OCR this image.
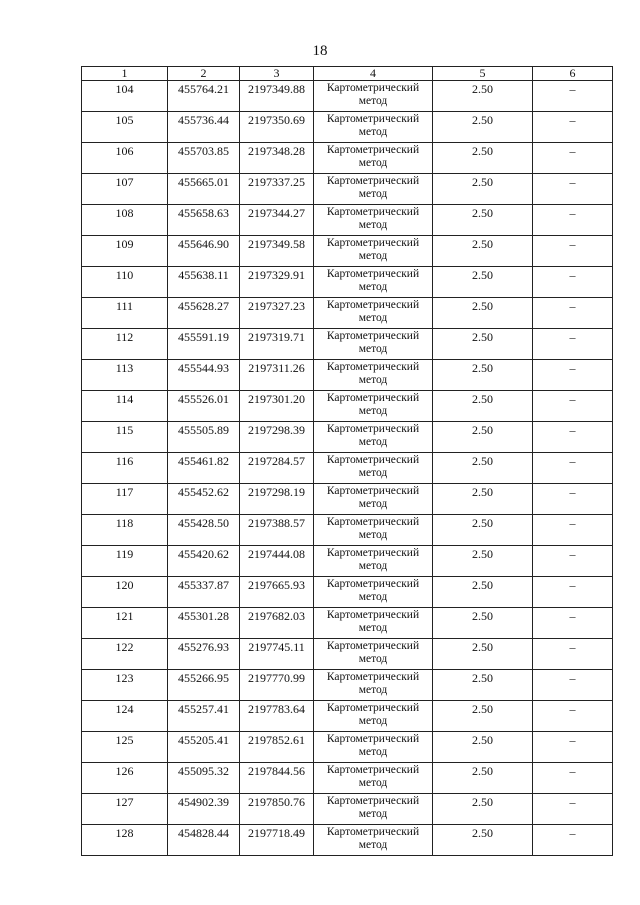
18
1	2	3	4	5	6
104	455764.21	2197349.88	Картометрический метод	2.50	–
105	455736.44	2197350.69	Картометрический метод	2.50	–
106	455703.85	2197348.28	Картометрический метод	2.50	–
107	455665.01	2197337.25	Картометрический метод	2.50	–
108	455658.63	2197344.27	Картометрический метод	2.50	–
109	455646.90	2197349.58	Картометрический метод	2.50	–
110	455638.11	2197329.91	Картометрический метод	2.50	–
111	455628.27	2197327.23	Картометрический метод	2.50	–
112	455591.19	2197319.71	Картометрический метод	2.50	–
113	455544.93	2197311.26	Картометрический метод	2.50	–
114	455526.01	2197301.20	Картометрический метод	2.50	–
115	455505.89	2197298.39	Картометрический метод	2.50	–
116	455461.82	2197284.57	Картометрический метод	2.50	–
117	455452.62	2197298.19	Картометрический метод	2.50	–
118	455428.50	2197388.57	Картометрический метод	2.50	–
119	455420.62	2197444.08	Картометрический метод	2.50	–
120	455337.87	2197665.93	Картометрический метод	2.50	–
121	455301.28	2197682.03	Картометрический метод	2.50	–
122	455276.93	2197745.11	Картометрический метод	2.50	–
123	455266.95	2197770.99	Картометрический метод	2.50	–
124	455257.41	2197783.64	Картометрический метод	2.50	–
125	455205.41	2197852.61	Картометрический метод	2.50	–
126	455095.32	2197844.56	Картометрический метод	2.50	–
127	454902.39	2197850.76	Картометрический метод	2.50	–
128	454828.44	2197718.49	Картометрический метод	2.50	–
